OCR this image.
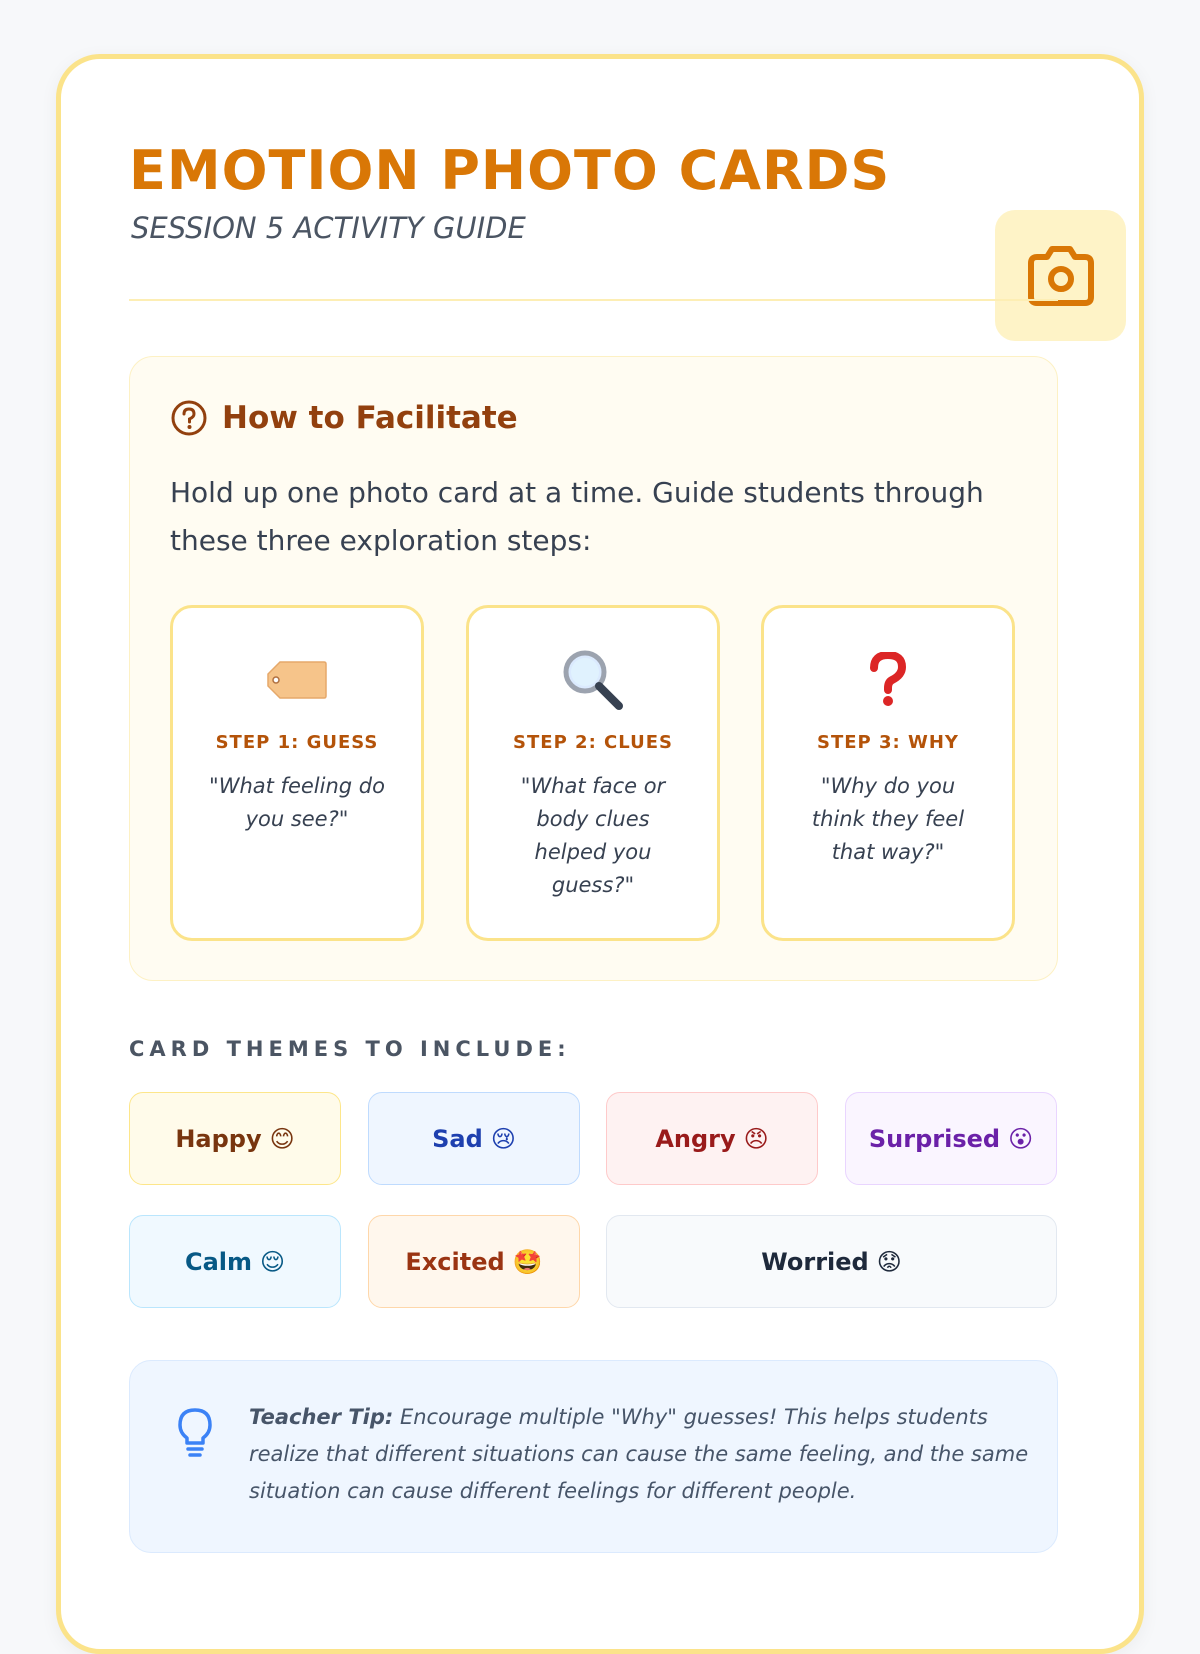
EMOTION PHOTO CARDS
SESSION 5 ACTIVITY GUIDE
How to Facilitate
Hold up one photo card at a time. Guide students through these three exploration steps:
STEP 1: GUESS
"What feeling do you see?"
STEP 2: CLUES
"What face or body clues helped you guess?"
STEP 3: WHY
"Why do you think they feel that way?"
CARD THEMES TO INCLUDE:
Happy 😊	Sad 😢	Angry 😠	Surprised 😮
Calm 😌	Excited 🤩	Worried 😟
Teacher Tip: Encourage multiple "Why" guesses! This helps students realize that different situations can cause the same feeling, and the same situation can cause different feelings for different people.
